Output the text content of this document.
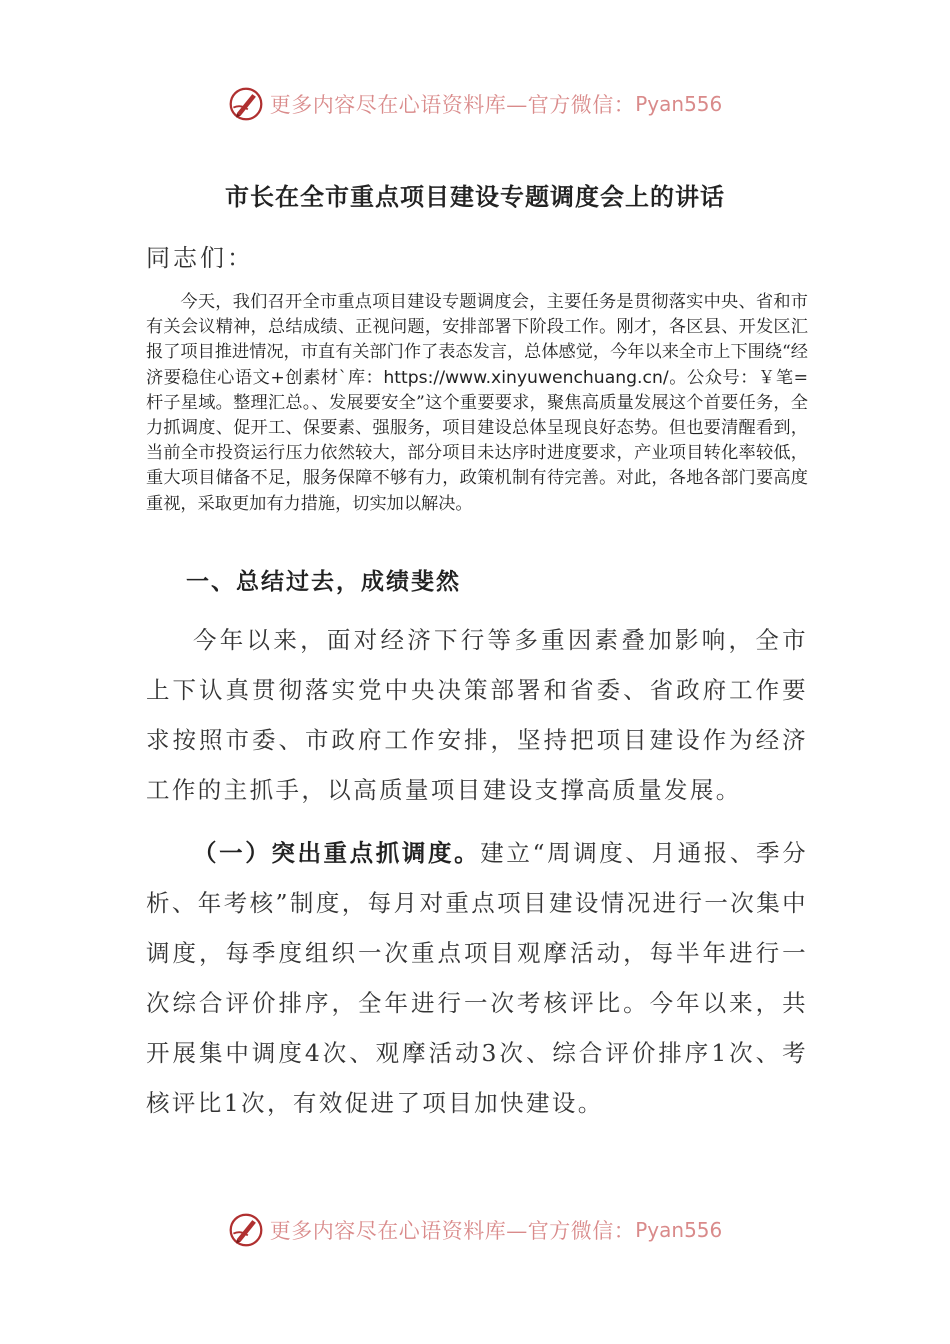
更多内容尽在心语资料库—官方微信： Pyan556
市长在全市重点项目建设专题调度会上的讲话
同志们：
今天，我们召开全市重点项目建设专题调度会，主要任务是贯彻落实中央、省和市有关会议精神，总结成绩、正视问题，安排部署下阶段工作。刚才，各区县、开发区汇报了项目推进情况，市直有关部门作了表态发言，总体感觉，今年以来全市上下围绕“经济要稳住心语文+创素材`库：https://www.xinyuwenchuang.cn/。公众号：￥笔=杆子星域。整理汇总。、发展要安全”这个重要要求，聚焦高质量发展这个首要任务，全力抓调度、促开工、保要素、强服务，项目建设总体呈现良好态势。但也要清醒看到，当前全市投资运行压力依然较大，部分项目未达序时进度要求，产业项目转化率较低，重大项目储备不足，服务保障不够有力，政策机制有待完善。对此，各地各部门要高度重视，采取更加有力措施，切实加以解决。
一、总结过去，成绩斐然
今年以来，面对经济下行等多重因素叠加影响，全市上下认真贯彻落实党中央决策部署和省委、省政府工作要求按照市委、市政府工作安排，坚持把项目建设作为经济工作的主抓手，以高质量项目建设支撑高质量发展。
（一）突出重点抓调度。建立“周调度、月通报、季分析、年考核”制度，每月对重点项目建设情况进行一次集中调度，每季度组织一次重点项目观摩活动，每半年进行一次综合评价排序，全年进行一次考核评比。今年以来，共开展集中调度4次、观摩活动3次、综合评价排序1次、考核评比1次，有效促进了项目加快建设。
更多内容尽在心语资料库—官方微信： Pyan556
